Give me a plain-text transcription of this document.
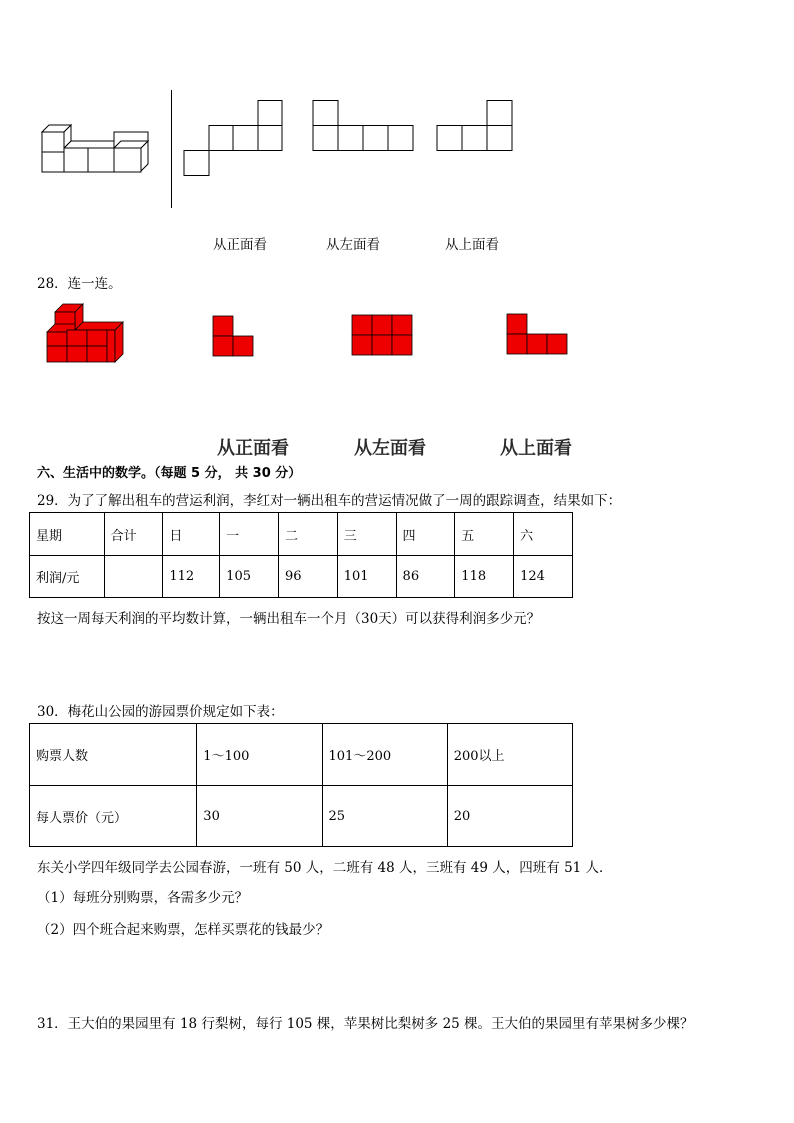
从正面看	从左面看	从上面看
28．连一连。
从正面看	从左面看	从上面看
六、生活中的数学。（每题 5 分， 共 30 分）
29．为了了解出租车的营运利润，李红对一辆出租车的营运情况做了一周的跟踪调查，结果如下：
星期	合计	日	一	二	三	四	五	六
利润/元		112	105	96	101	86	118	124
按这一周每天利润的平均数计算，一辆出租车一个月（30天）可以获得利润多少元？
30．梅花山公园的游园票价规定如下表：
购票人数	1～100	101～200	200以上
每人票价（元）	30	25	20
东关小学四年级同学去公园春游，一班有 50 人，二班有 48 人，三班有 49 人，四班有 51 人．
（1）每班分别购票，各需多少元？
（2）四个班合起来购票，怎样买票花的钱最少？
31．王大伯的果园里有 18 行梨树，每行 105 棵，苹果树比梨树多 25 棵。王大伯的果园里有苹果树多少棵？
